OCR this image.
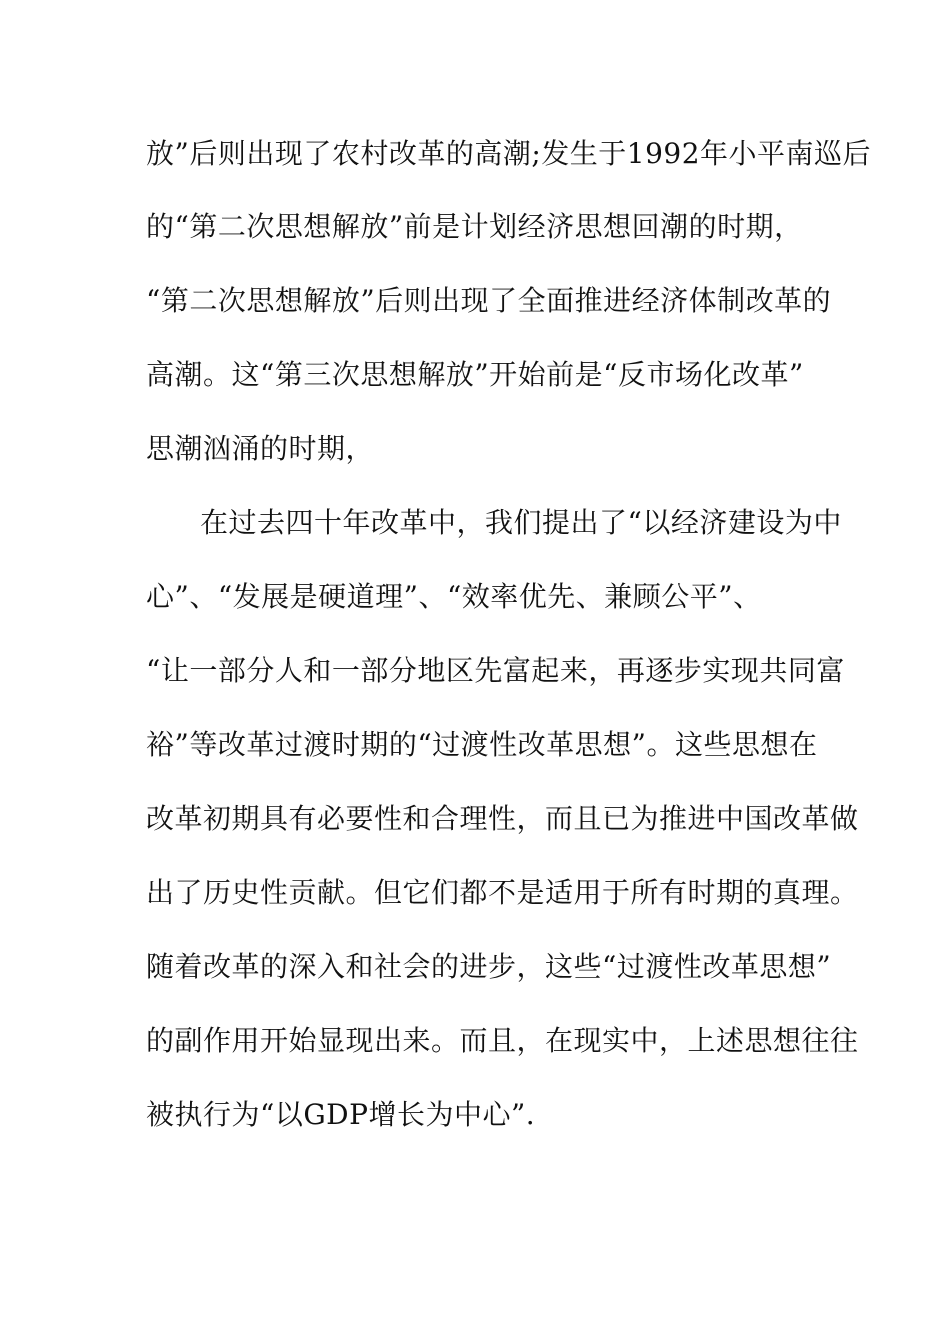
放”后则出现了农村改革的高潮;发生于1992年小平南巡后
的“第二次思想解放”前是计划经济思想回潮的时期，
“第二次思想解放”后则出现了全面推进经济体制改革的
高潮。这“第三次思想解放”开始前是“反市场化改革”
思潮汹涌的时期，
在过去四十年改革中，我们提出了“以经济建设为中
心”、“发展是硬道理”、“效率优先、兼顾公平”、
“让一部分人和一部分地区先富起来，再逐步实现共同富
裕”等改革过渡时期的“过渡性改革思想”。这些思想在
改革初期具有必要性和合理性，而且已为推进中国改革做
出了历史性贡献。但它们都不是适用于所有时期的真理。
随着改革的深入和社会的进步，这些“过渡性改革思想”
的副作用开始显现出来。而且，在现实中，上述思想往往
被执行为“以GDP增长为中心”.
